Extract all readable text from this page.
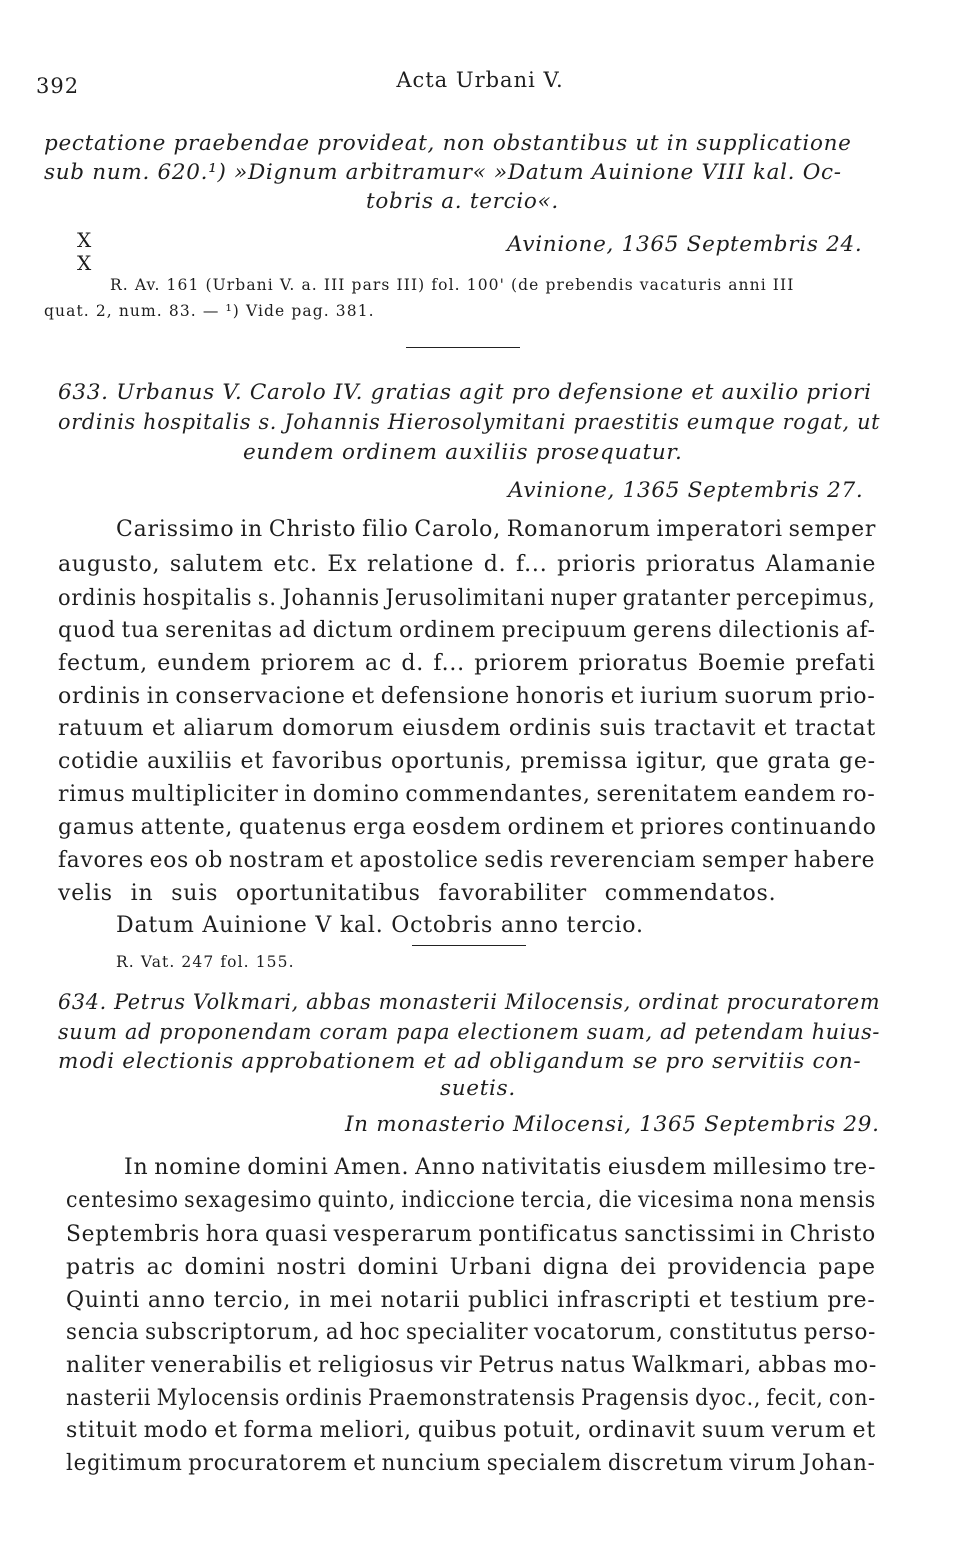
392	Acta Urbani V.
pectatione praebendae provideat, non obstantibus ut in supplicatione
sub num. 620.¹) »Dignum arbitramur« »Datum Auinione VIII kal. Oc-
tobris a. tercio«.
X
X
Avinione, 1365 Septembris 24.
R. Av. 161 (Urbani V. a. III pars III) fol. 100' (de prebendis vacaturis anni III
quat. 2, num. 83. — ¹) Vide pag. 381.
633. Urbanus V. Carolo IV. gratias agit pro defensione et auxilio priori
ordinis hospitalis s. Johannis Hierosolymitani praestitis eumque rogat, ut
eundem ordinem auxiliis prosequatur.
Avinione, 1365 Septembris 27.
Carissimo in Christo filio Carolo, Romanorum imperatori semper
augusto, salutem etc. Ex relatione d. f... prioris prioratus Alamanie
ordinis hospitalis s. Johannis Jerusolimitani nuper gratanter percepimus,
quod tua serenitas ad dictum ordinem precipuum gerens dilectionis af-
fectum, eundem priorem ac d. f... priorem prioratus Boemie prefati
ordinis in conservacione et defensione honoris et iurium suorum prio-
ratuum et aliarum domorum eiusdem ordinis suis tractavit et tractat
cotidie auxiliis et favoribus oportunis, premissa igitur, que grata ge-
rimus multipliciter in domino commendantes, serenitatem eandem ro-
gamus attente, quatenus erga eosdem ordinem et priores continuando
favores eos ob nostram et apostolice sedis reverenciam semper habere
velis in suis oportunitatibus favorabiliter commendatos.
Datum Auinione V kal. Octobris anno tercio.
R. Vat. 247 fol. 155.
634. Petrus Volkmari, abbas monasterii Milocensis, ordinat procuratorem
suum ad proponendam coram papa electionem suam, ad petendam huius-
modi electionis approbationem et ad obligandum se pro servitiis con-
suetis.
In monasterio Milocensi, 1365 Septembris 29.
In nomine domini Amen. Anno nativitatis eiusdem millesimo tre-
centesimo sexagesimo quinto, indiccione tercia, die vicesima nona mensis
Septembris hora quasi vesperarum pontificatus sanctissimi in Christo
patris ac domini nostri domini Urbani digna dei providencia pape
Quinti anno tercio, in mei notarii publici infrascripti et testium pre-
sencia subscriptorum, ad hoc specialiter vocatorum, constitutus perso-
naliter venerabilis et religiosus vir Petrus natus Walkmari, abbas mo-
nasterii Mylocensis ordinis Praemonstratensis Pragensis dyoc., fecit, con-
stituit modo et forma meliori, quibus potuit, ordinavit suum verum et
legitimum procuratorem et nuncium specialem discretum virum Johan-
